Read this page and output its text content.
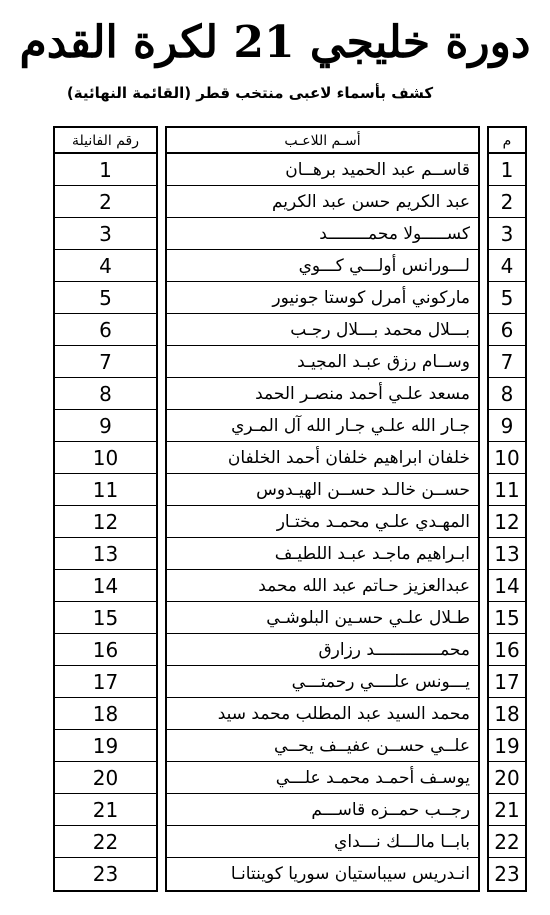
دورة خليجي 21 لكرة القدم
كشف بأسماء لاعبى منتخب قطر (القائمة النهائية)
رقم الفانيلة
1
2
3
4
5
6
7
8
9
10
11
12
13
14
15
16
17
18
19
20
21
22
23
أسـم اللاعـب
قاســم عبد الحميد برهــان
عبد الكريم حسن عبد الكريم
كســـــولا محمــــــــد
لـــورانس أولـــي كـــوي
ماركوني أمرل كوستا جونيور
بـــلال محمد بـــلال رجـب
وســام رزق عبـد المجيـد
مسعد علـي أحمد منصـر الحمد
جـار الله علـي جـار الله آل المـري
خلفان ابراهيم خلفان أحمد الخلفان
حســن خالـد حســن الهيـدوس
المهـدي علـي محمـد مختـار
ابـراهيم ماجـد عبـد اللطيـف
عبدالعزيز حـاتم عبد الله محمد
طـلال علـي حسـين البلوشـي
محمـــــــــــــد رزارق
يـــونس علــــي رحمتـــي
محمد السيد عبد المطلب محمد سيد
علــي حســن عفيــف يحــي
يوسـف أحمـد محمـد علـــي
رجــب حمــزه قاســـم
بابــا مالـــك نـــداي
انـدريس سيباستيان سوريا كوينتانـا
م
1
2
3
4
5
6
7
8
9
10
11
12
13
14
15
16
17
18
19
20
21
22
23
